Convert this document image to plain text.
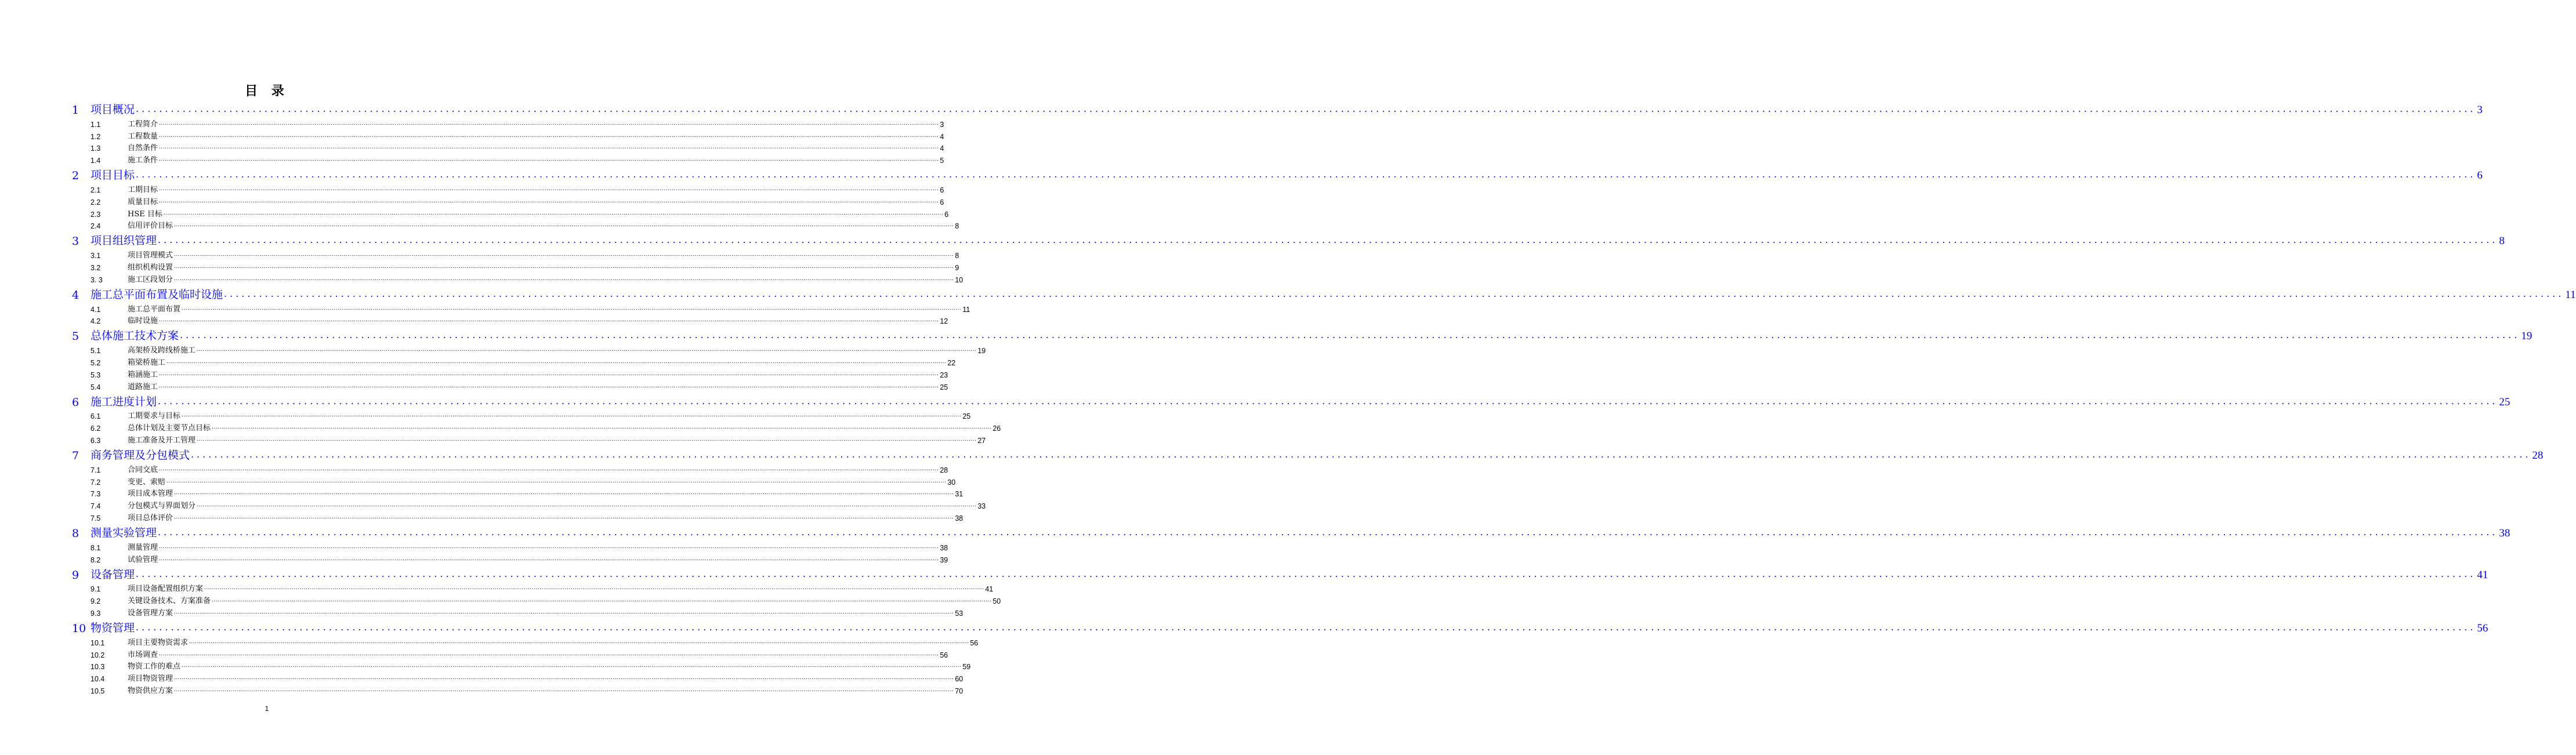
目 录
1	项目概况 ................................................................................................................................................................................................................................................................................................................................................................................................................ 3
1.1	工程简介 ................................................................................................................................................................................................................................................................................................................................................................................................................ 3
1.2	工程数量 ................................................................................................................................................................................................................................................................................................................................................................................................................ 4
1.3	自然条件 ................................................................................................................................................................................................................................................................................................................................................................................................................ 4
1.4	施工条件 ................................................................................................................................................................................................................................................................................................................................................................................................................ 5
2	项目目标 ................................................................................................................................................................................................................................................................................................................................................................................................................ 6
2.1	工期目标 ................................................................................................................................................................................................................................................................................................................................................................................................................ 6
2.2	质量目标 ................................................................................................................................................................................................................................................................................................................................................................................................................ 6
2.3	HSE 目标 ................................................................................................................................................................................................................................................................................................................................................................................................................ 6
2.4	信用评价目标 ................................................................................................................................................................................................................................................................................................................................................................................................................ 8
3	项目组织管理 ................................................................................................................................................................................................................................................................................................................................................................................................................ 8
3.1	项目管理模式 ................................................................................................................................................................................................................................................................................................................................................................................................................ 8
3.2	组织机构设置 ................................................................................................................................................................................................................................................................................................................................................................................................................ 9
3. 3	施工区段划分 ................................................................................................................................................................................................................................................................................................................................................................................................................ 10
4	施工总平面布置及临时设施 ................................................................................................................................................................................................................................................................................................................................................................................................................ 11
4.1	施工总平面布置 ................................................................................................................................................................................................................................................................................................................................................................................................................ 11
4.2	临时设施 ................................................................................................................................................................................................................................................................................................................................................................................................................ 12
5	总体施工技术方案 ................................................................................................................................................................................................................................................................................................................................................................................................................ 19
5.1	高架桥及跨线桥施工 ................................................................................................................................................................................................................................................................................................................................................................................................................ 19
5.2	箱梁桥施工 ................................................................................................................................................................................................................................................................................................................................................................................................................ 22
5.3	箱涵施工 ................................................................................................................................................................................................................................................................................................................................................................................................................ 23
5.4	道路施工 ................................................................................................................................................................................................................................................................................................................................................................................................................ 25
6	施工进度计划 ................................................................................................................................................................................................................................................................................................................................................................................................................ 25
6.1	工期要求与目标 ................................................................................................................................................................................................................................................................................................................................................................................................................ 25
6.2	总体计划及主要节点目标 ................................................................................................................................................................................................................................................................................................................................................................................................................ 26
6.3	施工准备及开工管理 ................................................................................................................................................................................................................................................................................................................................................................................................................ 27
7	商务管理及分包模式 ................................................................................................................................................................................................................................................................................................................................................................................................................ 28
7.1	合同交底 ................................................................................................................................................................................................................................................................................................................................................................................................................ 28
7.2	变更、索赔 ................................................................................................................................................................................................................................................................................................................................................................................................................ 30
7.3	项目成本管理 ................................................................................................................................................................................................................................................................................................................................................................................................................ 31
7.4	分包模式与界面划分 ................................................................................................................................................................................................................................................................................................................................................................................................................ 33
7.5	项目总体评价 ................................................................................................................................................................................................................................................................................................................................................................................................................ 38
8	测量实验管理 ................................................................................................................................................................................................................................................................................................................................................................................................................ 38
8.1	测量管理 ................................................................................................................................................................................................................................................................................................................................................................................................................ 38
8.2	试验管理 ................................................................................................................................................................................................................................................................................................................................................................................................................ 39
9	设备管理 ................................................................................................................................................................................................................................................................................................................................................................................................................ 41
9.1	项目设备配置组织方案 ................................................................................................................................................................................................................................................................................................................................................................................................................ 41
9.2	关键设备技术、方案准备 ................................................................................................................................................................................................................................................................................................................................................................................................................ 50
9.3	设备管理方案 ................................................................................................................................................................................................................................................................................................................................................................................................................ 53
10 物资管理 ................................................................................................................................................................................................................................................................................................................................................................................................................ 56
10.1	项目主要物资需求 ................................................................................................................................................................................................................................................................................................................................................................................................................ 56
10.2	市场调查 ................................................................................................................................................................................................................................................................................................................................................................................................................ 56
10.3	物资工作的难点 ................................................................................................................................................................................................................................................................................................................................................................................................................ 59
10.4	项目物资管理 ................................................................................................................................................................................................................................................................................................................................................................................................................ 60
10.5	物资供应方案 ................................................................................................................................................................................................................................................................................................................................................................................................................ 70
1
